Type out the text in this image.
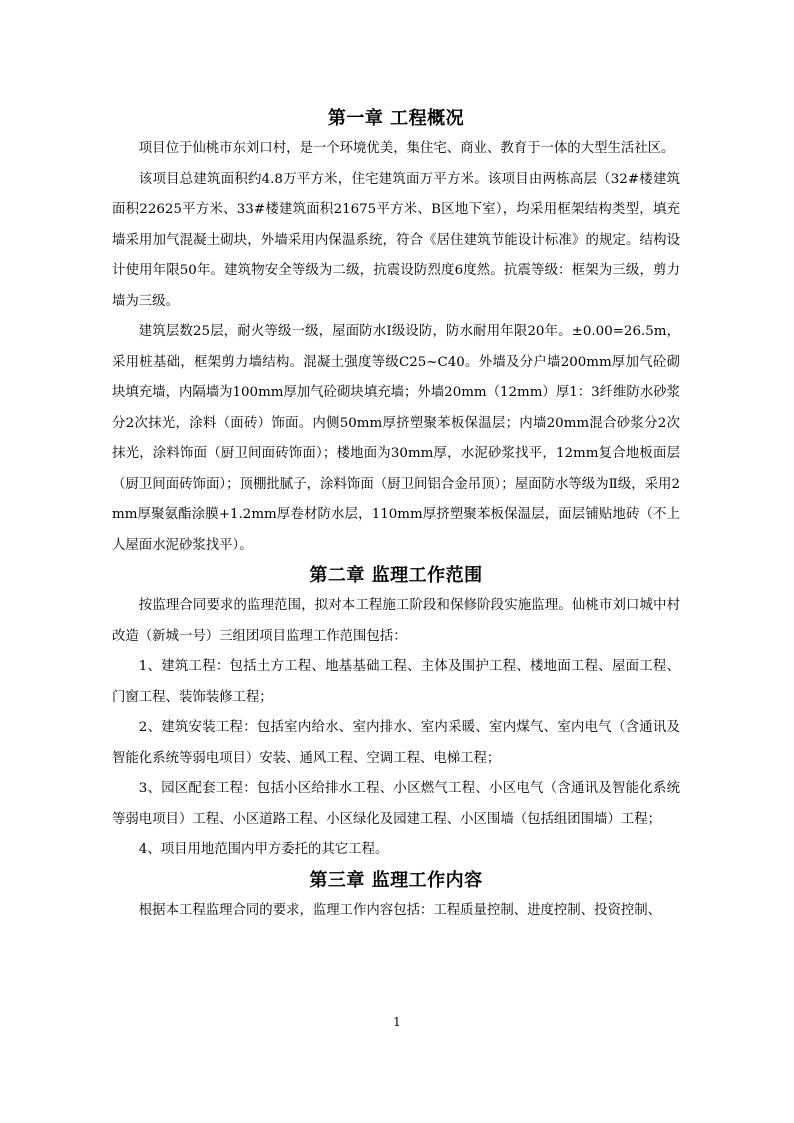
第一章 工程概况

项目位于仙桃市东刘口村，是一个环境优美，集住宅、商业、教育于一体的大型生活社区。

该项目总建筑面积约4.8万平方米，住宅建筑面万平方米。该项目由两栋高层（32#楼建筑面积22625平方米、33#楼建筑面积21675平方米、B区地下室），均采用框架结构类型，填充墙采用加气混凝土砌块，外墙采用内保温系统，符合《居住建筑节能设计标准》的规定。结构设计使用年限50年。建筑物安全等级为二级，抗震设防烈度6度然。抗震等级：框架为三级，剪力墙为三级。

建筑层数25层，耐火等级一级，屋面防水Ⅰ级设防，防水耐用年限20年。±0.00=26.5m，采用桩基础，框架剪力墙结构。混凝土强度等级C25~C40。外墙及分户墙200mm厚加气砼砌块填充墙，内隔墙为100mm厚加气砼砌块填充墙；外墙20mm（12mm）厚1：3纤维防水砂浆分2次抹光，涂料（面砖）饰面。内侧50mm厚挤塑聚苯板保温层；内墙20mm混合砂浆分2次抹光，涂料饰面（厨卫间面砖饰面）；楼地面为30mm厚，水泥砂浆找平，12mm复合地板面层（厨卫间面砖饰面）；顶棚批腻子，涂料饰面（厨卫间铝合金吊顶）；屋面防水等级为Ⅱ级，采用2mm厚聚氨酯涂膜+1.2mm厚卷材防水层，110mm厚挤塑聚苯板保温层，面层铺贴地砖（不上人屋面水泥砂浆找平）。

第二章 监理工作范围

按监理合同要求的监理范围，拟对本工程施工阶段和保修阶段实施监理。仙桃市刘口城中村改造（新城一号）三组团项目监理工作范围包括：

1、建筑工程：包括土方工程、地基基础工程、主体及围护工程、楼地面工程、屋面工程、门窗工程、装饰装修工程；

2、建筑安装工程：包括室内给水、室内排水、室内采暖、室内煤气、室内电气（含通讯及智能化系统等弱电项目）安装、通风工程、空调工程、电梯工程；

3、园区配套工程：包括小区给排水工程、小区燃气工程、小区电气（含通讯及智能化系统等弱电项目）工程、小区道路工程、小区绿化及园建工程、小区围墙（包括组团围墙）工程；

4、项目用地范围内甲方委托的其它工程。

第三章 监理工作内容

根据本工程监理合同的要求，监理工作内容包括：工程质量控制、进度控制、投资控制、

1
